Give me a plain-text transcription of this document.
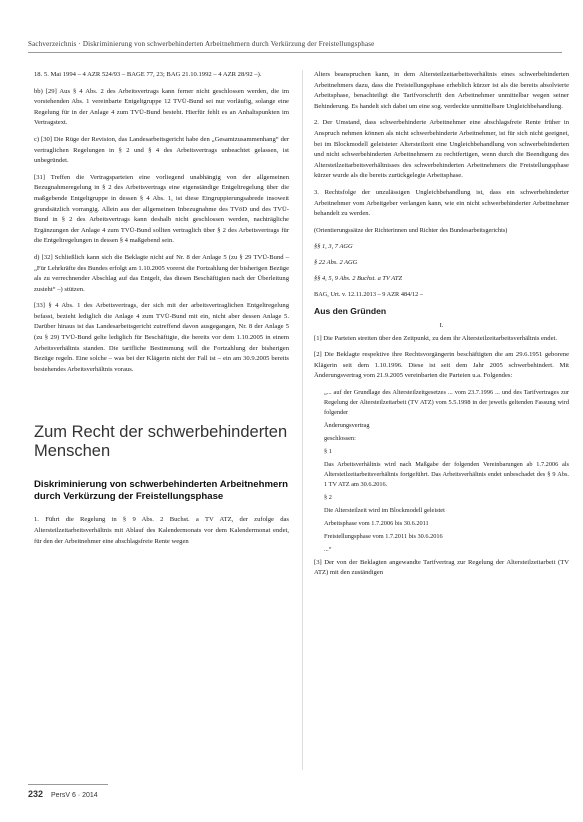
Sachverzeichnis · Diskriminierung von schwerbehinderten Arbeitnehmern durch Verkürzung der Freistellungsphase

18. 5. Mai 1994 – 4 AZR 524/93 – BAGE 77, 23; BAG 21.10.1992 – 4 AZR 28/92 –).

bb) [29] Aus § 4 Abs. 2 des Arbeitsvertrags kann ferner nicht geschlossen werden, die im vorstehenden Abs. 1 vereinbarte Entgeltgruppe 12 TVÜ-Bund sei nur vorläufig, solange eine Regelung für in der Anlage 4 zum TVÜ-Bund besteht. Hierfür fehlt es an Anhaltspunkten im Vertragstext.

c) [30] Die Rüge der Revision, das Landesarbeitsgericht habe den „Gesamtzusammenhang“ der vertraglichen Regelungen in § 2 und § 4 des Arbeitsvertrags unbeachtet gelassen, ist unbegründet.

[31] Treffen die Vertragsparteien eine vorliegend unabhängig von der allgemeinen Bezugnahmeregelung in § 2 des Arbeitsvertrags eine eigenständige Entgeltregelung über die maßgebende Entgeltgruppe in dessen § 4 Abs. 1, ist diese Eingruppierungsabrede insoweit grundsätzlich vorrangig. Allein aus der allgemeinen Inbezugnahme des TVöD und des TVÜ-Bund in § 2 des Arbeitsvertrags kann deshalb nicht geschlossen werden, nachträgliche Ergänzungen der Anlage 4 zum TVÜ-Bund sollten vertraglich über § 2 des Arbeitsvertrags für die Entgeltregelungen in dessen § 4 maßgebend sein.

d) [32] Schließlich kann sich die Beklagte nicht auf Nr. 8 der Anlage 5 (zu § 29 TVÜ-Bund – „Für Lehrkräfte des Bundes erfolgt am 1.10.2005 vorerst die Fortzahlung der bisherigen Bezüge als zu verrechnender Abschlag auf das Entgelt, das diesen Beschäftigten nach der Überleitung zusteht“ –) stützen.

[33] § 4 Abs. 1 des Arbeitsvertrags, der sich mit der arbeitsvertraglichen Entgeltregelung befasst, bezieht lediglich die Anlage 4 zum TVÜ-Bund mit ein, nicht aber dessen Anlage 5. Darüber hinaus ist das Landesarbeitsgericht zutreffend davon ausgegangen, Nr. 8 der Anlage 5 (zu § 29) TVÜ-Bund gelte lediglich für Beschäftigte, die bereits vor dem 1.10.2005 in einem Arbeitsverhältnis standen. Die tarifliche Bestimmung will die Fortzahlung der bisherigen Bezüge regeln. Eine solche – was bei der Klägerin nicht der Fall ist – ein am 30.9.2005 bereits bestehendes Arbeitsverhältnis voraus.

Zum Recht der schwerbehinderten Menschen
Diskriminierung von schwerbehinderten Arbeitnehmern durch Verkürzung der Freistellungsphase

1. Führt die Regelung in § 9 Abs. 2 Buchst. a TV ATZ, der zufolge das Altersteilzeitarbeitsverhältnis mit Ablauf des Kalendermonats vor dem Kalendermonat endet, für den der Arbeitnehmer eine abschlagsfreie Rente wegen

Alters beanspruchen kann, in dem Altersteilzeitarbeitsverhältnis eines schwerbehinderten Arbeitnehmers dazu, dass die Freistellungsphase erheblich kürzer ist als die bereits absolvierte Arbeitsphase, benachteiligt die Tarifvorschrift den Arbeitnehmer unmittelbar wegen seiner Behinderung. Es handelt sich dabei um eine sog. verdeckte unmittelbare Ungleichbehandlung.

2. Der Umstand, dass schwerbehinderte Arbeitnehmer eine abschlagsfreie Rente früher in Anspruch nehmen können als nicht schwerbehinderte Arbeitnehmer, ist für sich nicht geeignet, bei im Blockmodell geleisteter Altersteilzeit eine Ungleichbehandlung von schwerbehinderten und nicht schwerbehinderten Arbeitnehmern zu rechtfertigen, wenn durch die Beendigung des Altersteilzeitarbeitsverhältnisses des schwerbehinderten Arbeitnehmers die Freistellungsphase kürzer wurde als die bereits zurückgelegte Arbeitsphase.

3. Rechtsfolge der unzulässigen Ungleichbehandlung ist, dass ein schwerbehinderter Arbeitnehmer vom Arbeitgeber verlangen kann, wie ein nicht schwerbehinderter Arbeitnehmer behandelt zu werden.

(Orientierungssätze der Richterinnen und Richter des Bundesarbeitsgerichts)

§§ 1, 3, 7 AGG

§ 22 Abs. 2 AGG

§§ 4, 5, 9 Abs. 2 Buchst. a TV ATZ

BAG, Urt. v. 12.11.2013 – 9 AZR 484/12 –

Aus den Gründen
I.

[1] Die Parteien streiten über den Zeitpunkt, zu dem ihr Altersteilzeitarbeitsverhältnis endet.

[2] Die Beklagte respektive ihre Rechtsvorgängerin beschäftigten die am 29.6.1951 geborene Klägerin seit dem 1.10.1996. Diese ist seit dem Jahr 2005 schwerbehindert. Mit Änderungsvertrag vom 21.9.2005 vereinbarten die Parteien u.a. Folgendes:

„... auf der Grundlage des Altersteilzeitgesetzes ... vom 23.7.1996 ... und des Tarifvertrages zur Regelung der Altersteilzeitarbeit (TV ATZ) vom 5.5.1998 in der jeweils geltenden Fassung wird folgender

Änderungsvertrag

geschlossen:

§ 1

Das Arbeitsverhältnis wird nach Maßgabe der folgenden Vereinbarungen ab 1.7.2006 als Altersteilzeitarbeitsverhältnis fortgeführt. Das Arbeitsverhältnis endet unbeschadet des § 9 Abs. 1 TV ATZ am 30.6.2016.

§ 2

Die Altersteilzeit wird im Blockmodell geleistet

Arbeitsphase vom 1.7.2006 bis 30.6.2011

Freistellungsphase vom 1.7.2011 bis 30.6.2016

...“

[3] Der von der Beklagten angewandte Tarifvertrag zur Regelung der Altersteilzeitarbeit (TV ATZ) mit den zuständigen

232 PersV 6 · 2014
